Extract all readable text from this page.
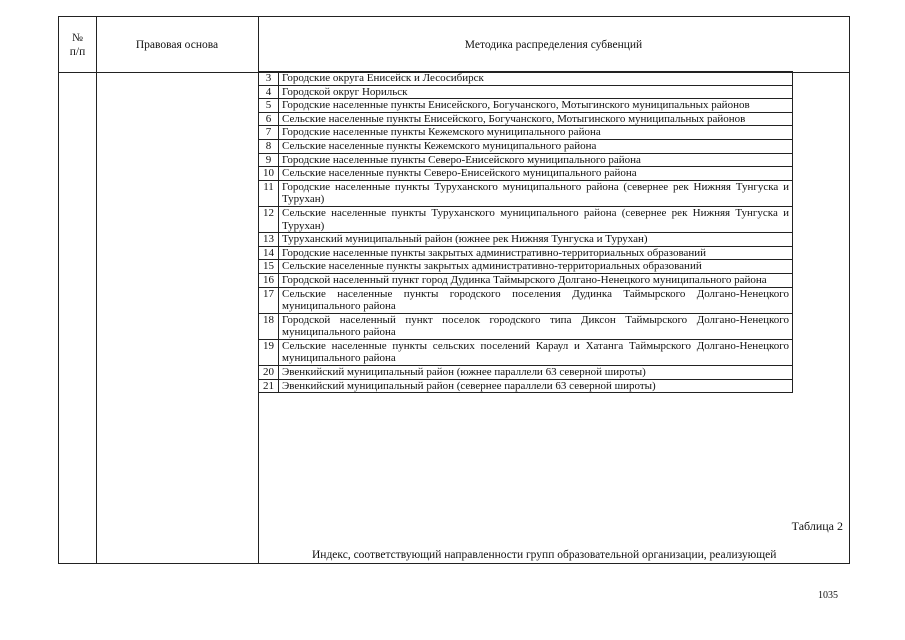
№
п/п
Правовая основа	Методика распределения субвенций
3	Городские округа Енисейск и Лесосибирск
4	Городской округ Норильск
5	Городские населенные пункты Енисейского, Богучанского, Мотыгинского муниципальных районов
6	Сельские населенные пункты Енисейского, Богучанского, Мотыгинского муниципальных районов
7	Городские населенные пункты Кежемского муниципального района
8	Сельские населенные пункты Кежемского муниципального района
9	Городские населенные пункты Северо-Енисейского муниципального района
10	Сельские населенные пункты Северо-Енисейского муниципального района
11	Городские населенные пункты Туруханского муниципального района (севернее рек Нижняя Тунгуска и Турухан)
12	Сельские населенные пункты Туруханского муниципального района (севернее рек Нижняя Тунгуска и Турухан)
13	Туруханский муниципальный район (южнее рек Нижняя Тунгуска и Турухан)
14	Городские населенные пункты закрытых административно-территориальных образований
15	Сельские населенные пункты закрытых административно-территориальных образований
16	Городской населенный пункт город Дудинка Таймырского Долгано-Ненецкого муниципального района
17	Сельские населенные пункты городского поселения Дудинка Таймырского Долгано-Ненецкого муниципального района
18	Городской населенный пункт поселок городского типа Диксон Таймырского Долгано-Ненецкого муниципального района
19	Сельские населенные пункты сельских поселений Караул и Хатанга Таймырского Долгано-Ненецкого муниципального района
20	Эвенкийский муниципальный район (южнее параллели 63 северной широты)
21	Эвенкийский муниципальный район (севернее параллели 63 северной широты)
Таблица 2
Индекс, соответствующий направленности групп образовательной организации, реализующей
1035
